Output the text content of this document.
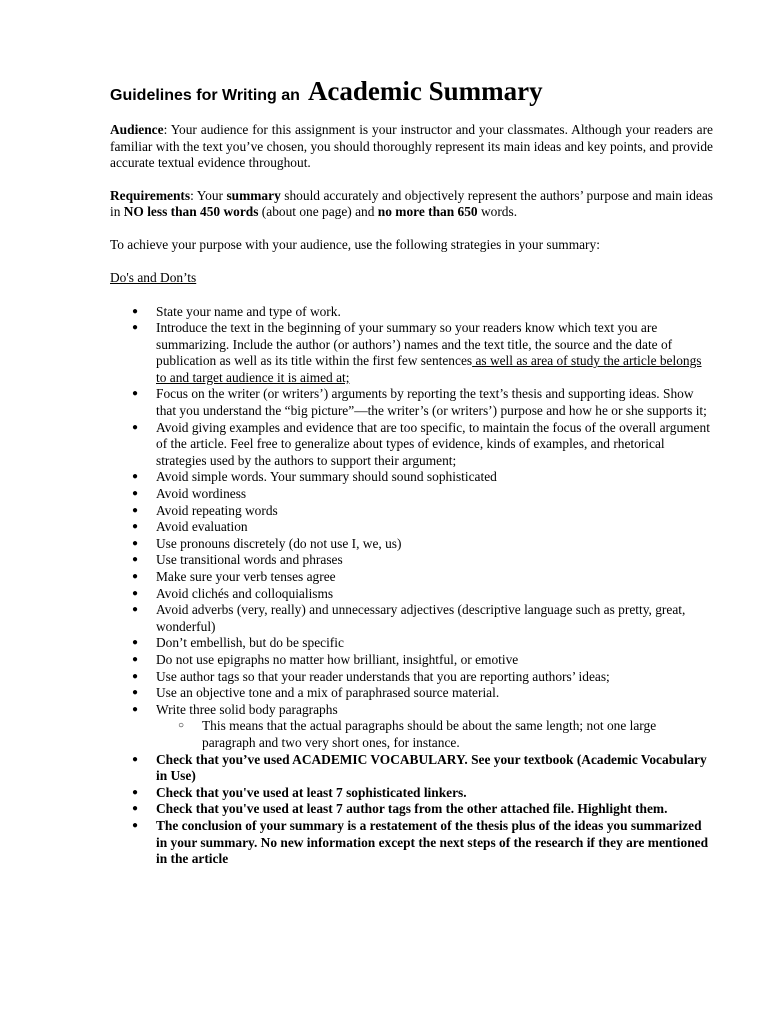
Guidelines for Writing an Academic Summary

Audience: Your audience for this assignment is your instructor and your classmates. Although your readers are familiar with the text you’ve chosen, you should thoroughly represent its main ideas and key points, and provide accurate textual evidence throughout.

Requirements: Your summary should accurately and objectively represent the authors’ purpose and main ideas in NO less than 450 words (about one page) and no more than 650 words.

To achieve your purpose with your audience, use the following strategies in your summary:

Do's and Don’ts

● State your name and type of work.
● Introduce the text in the beginning of your summary so your readers know which text you are summarizing. Include the author (or authors’) names and the text title, the source and the date of publication as well as its title within the first few sentences as well as area of study the article belongs to and target audience it is aimed at;
● Focus on the writer (or writers’) arguments by reporting the text’s thesis and supporting ideas. Show that you understand the “big picture”—the writer’s (or writers’) purpose and how he or she supports it;
● Avoid giving examples and evidence that are too specific, to maintain the focus of the overall argument of the article. Feel free to generalize about types of evidence, kinds of examples, and rhetorical strategies used by the authors to support their argument;
● Avoid simple words. Your summary should sound sophisticated
● Avoid wordiness
● Avoid repeating words
● Avoid evaluation
● Use pronouns discretely (do not use I, we, us)
● Use transitional words and phrases
● Make sure your verb tenses agree
● Avoid clichés and colloquialisms
● Avoid adverbs (very, really) and unnecessary adjectives (descriptive language such as pretty, great, wonderful)
● Don’t embellish, but do be specific
● Do not use epigraphs no matter how brilliant, insightful, or emotive
● Use author tags so that your reader understands that you are reporting authors’ ideas;
● Use an objective tone and a mix of paraphrased source material.
● Write three solid body paragraphs
○ This means that the actual paragraphs should be about the same length; not one large paragraph and two very short ones, for instance.
● Check that you’ve used ACADEMIC VOCABULARY. See your textbook (Academic Vocabulary in Use)
● Check that you've used at least 7 sophisticated linkers.
● Check that you've used at least 7 author tags from the other attached file. Highlight them.
● The conclusion of your summary is a restatement of the thesis plus of the ideas you summarized in your summary. No new information except the next steps of the research if they are mentioned in the article
